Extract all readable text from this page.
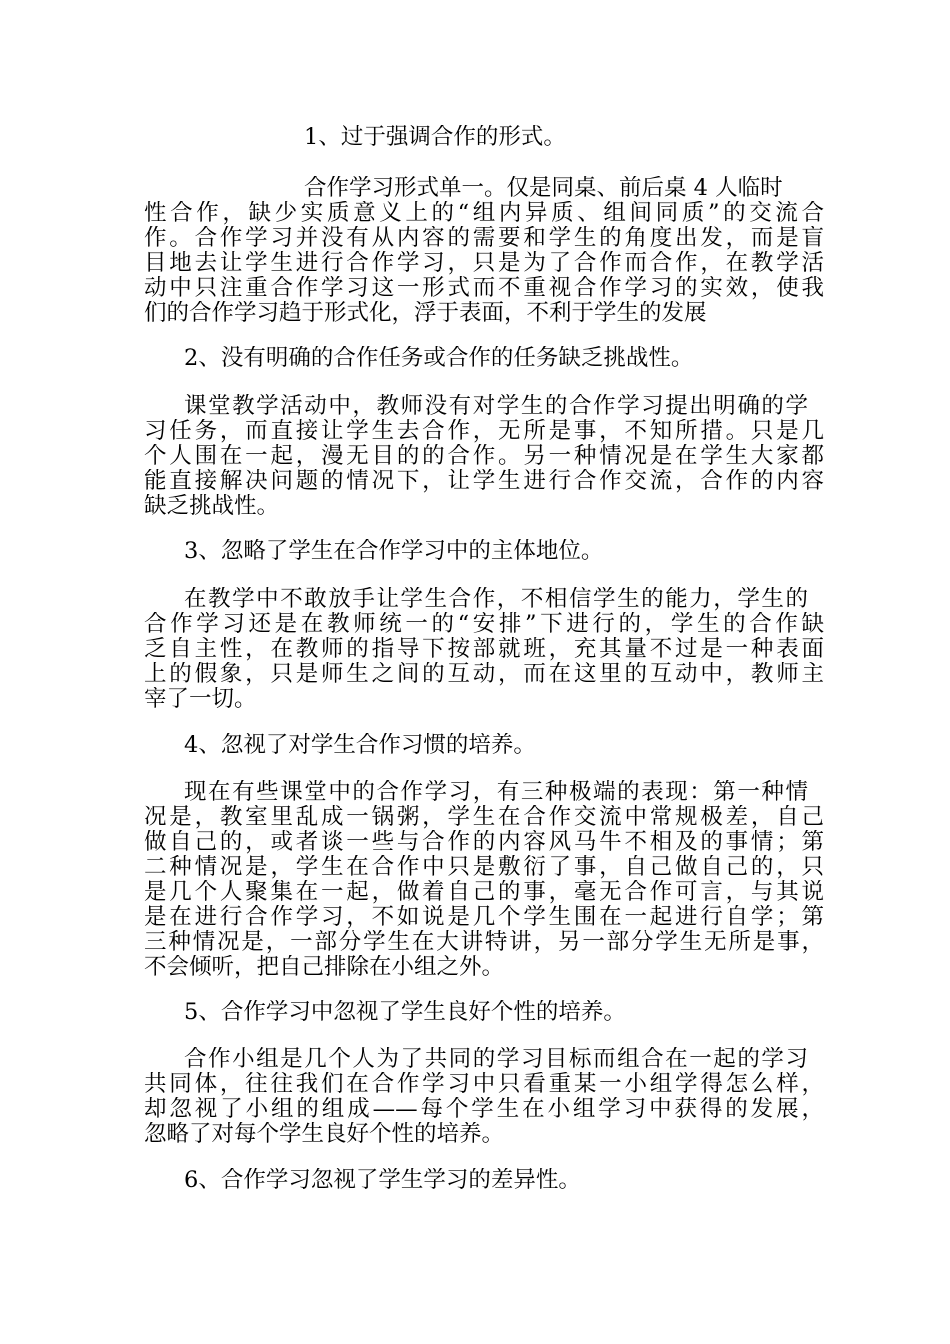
1、过于强调合作的形式。
合作学习形式单一。仅是同桌、前后桌 4 人临时
性合作，缺少实质意义上的“组内异质、组间同质”的交流合
作。合作学习并没有从内容的需要和学生的角度出发，而是盲
目地去让学生进行合作学习，只是为了合作而合作，在教学活
动中只注重合作学习这一形式而不重视合作学习的实效，使我
们的合作学习趋于形式化，浮于表面，不利于学生的发展
2、没有明确的合作任务或合作的任务缺乏挑战性。
课堂教学活动中，教师没有对学生的合作学习提出明确的学
习任务，而直接让学生去合作，无所是事，不知所措。只是几
个人围在一起，漫无目的的合作。另一种情况是在学生大家都
能直接解决问题的情况下，让学生进行合作交流，合作的内容
缺乏挑战性。
3、忽略了学生在合作学习中的主体地位。
在教学中不敢放手让学生合作，不相信学生的能力，学生的
合作学习还是在教师统一的“安排”下进行的，学生的合作缺
乏自主性，在教师的指导下按部就班，充其量不过是一种表面
上的假象，只是师生之间的互动，而在这里的互动中，教师主
宰了一切。
4、忽视了对学生合作习惯的培养。
现在有些课堂中的合作学习，有三种极端的表现：第一种情
况是，教室里乱成一锅粥，学生在合作交流中常规极差，自己
做自己的，或者谈一些与合作的内容风马牛不相及的事情；第
二种情况是，学生在合作中只是敷衍了事，自己做自己的，只
是几个人聚集在一起，做着自己的事，毫无合作可言，与其说
是在进行合作学习，不如说是几个学生围在一起进行自学；第
三种情况是，一部分学生在大讲特讲，另一部分学生无所是事，
不会倾听，把自己排除在小组之外。
5、合作学习中忽视了学生良好个性的培养。
合作小组是几个人为了共同的学习目标而组合在一起的学习
共同体，往往我们在合作学习中只看重某一小组学得怎么样，
却忽视了小组的组成——每个学生在小组学习中获得的发展，
忽略了对每个学生良好个性的培养。
6、合作学习忽视了学生学习的差异性。
